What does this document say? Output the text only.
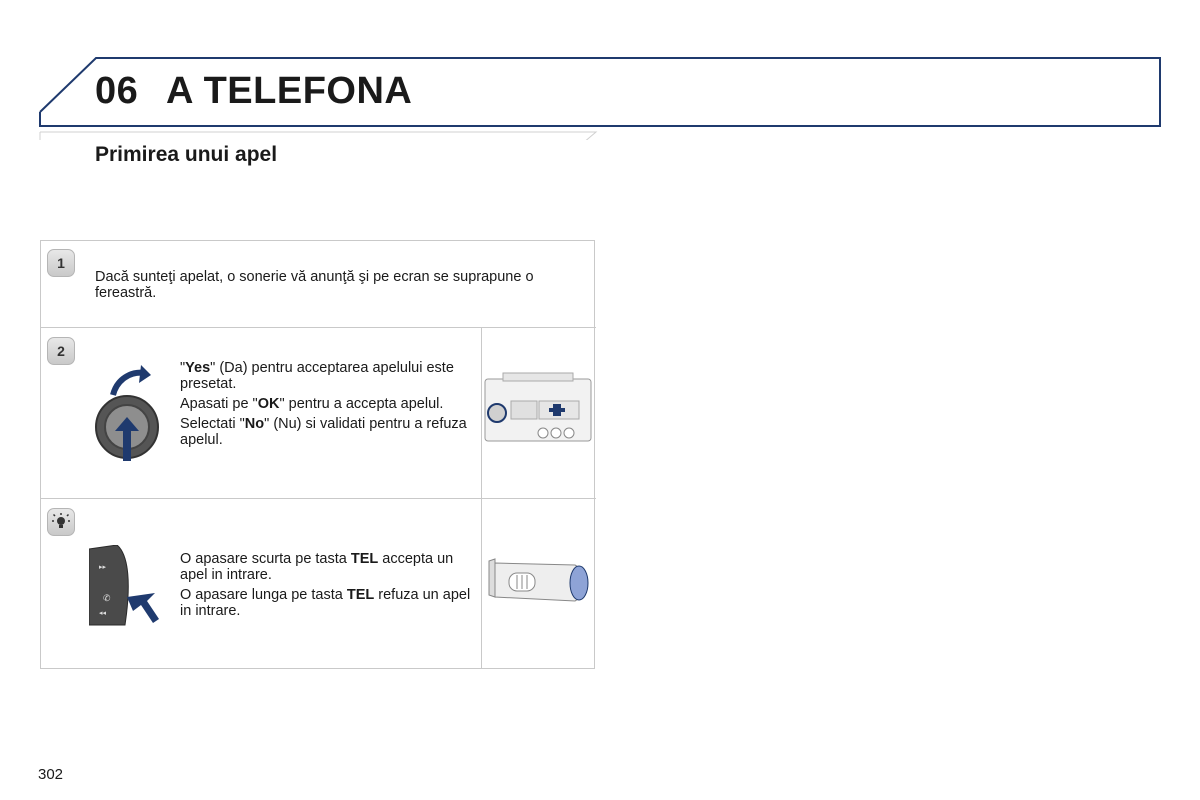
06 A TELEFONA
Primirea unui apel
1
Dacă sunteţi apelat, o sonerie vă anunţă şi pe ecran se suprapune o fereastră.
2

"Yes" (Da) pentru acceptarea apelului este presetat.

Apasati pe "OK" pentru a accepta apelul.

Selectati "No" (Nu) si validati pentru a refuza apelul.

▸▸
✆
◂◂

O apasare scurta pe tasta TEL accepta un apel in intrare.

O apasare lunga pe tasta TEL refuza un apel in intrare.

302
